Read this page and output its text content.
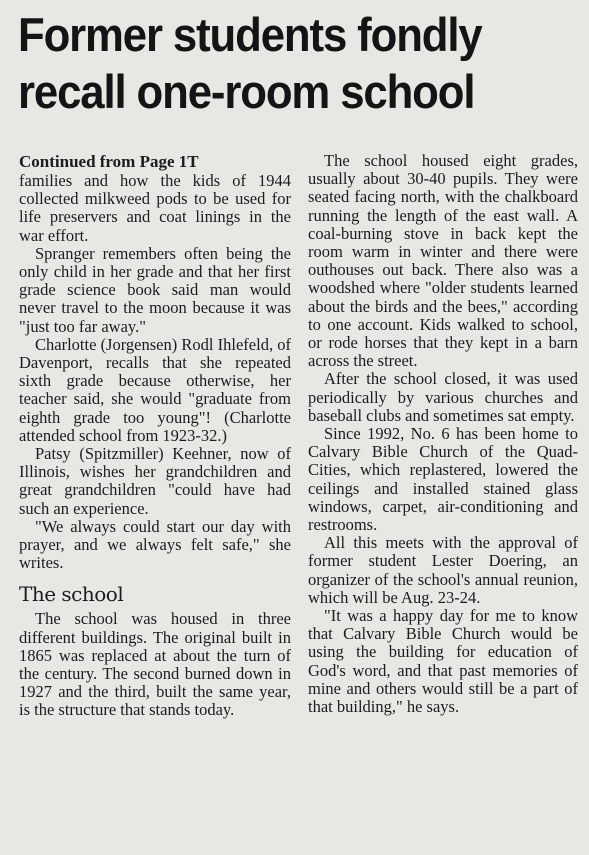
Former students fondly
recall one-room school
Continued from Page 1T

families and how the kids of 1944 collected milkweed pods to be used for life preservers and coat linings in the war effort.

Spranger remembers often being the only child in her grade and that her first grade science book said man would never travel to the moon because it was "just too far away."

Charlotte (Jorgensen) Rodl Ihlefeld, of Davenport, recalls that she repeated sixth grade because otherwise, her teacher said, she would "graduate from eighth grade too young"! (Charlotte attended school from 1923-32.)

Patsy (Spitzmiller) Keehner, now of Illinois, wishes her grandchildren and great grandchildren "could have had such an experience.

"We always could start our day with prayer, and we always felt safe," she writes.

The school

The school was housed in three different buildings. The original built in 1865 was replaced at about the turn of the century. The second burned down in 1927 and the third, built the same year, is the structure that stands today.

The school housed eight grades, usually about 30-40 pupils. They were seated facing north, with the chalkboard running the length of the east wall. A coal-burning stove in back kept the room warm in winter and there were outhouses out back. There also was a woodshed where "older students learned about the birds and the bees," according to one account. Kids walked to school, or rode horses that they kept in a barn across the street.

After the school closed, it was used periodically by various churches and baseball clubs and sometimes sat empty.

Since 1992, No. 6 has been home to Calvary Bible Church of the Quad-Cities, which replastered, lowered the ceilings and installed stained glass windows, carpet, air-conditioning and restrooms.

All this meets with the approval of former student Lester Doering, an organizer of the school's annual reunion, which will be Aug. 23-24.

"It was a happy day for me to know that Calvary Bible Church would be using the building for education of God's word, and that past memories of mine and others would still be a part of that building," he says.
